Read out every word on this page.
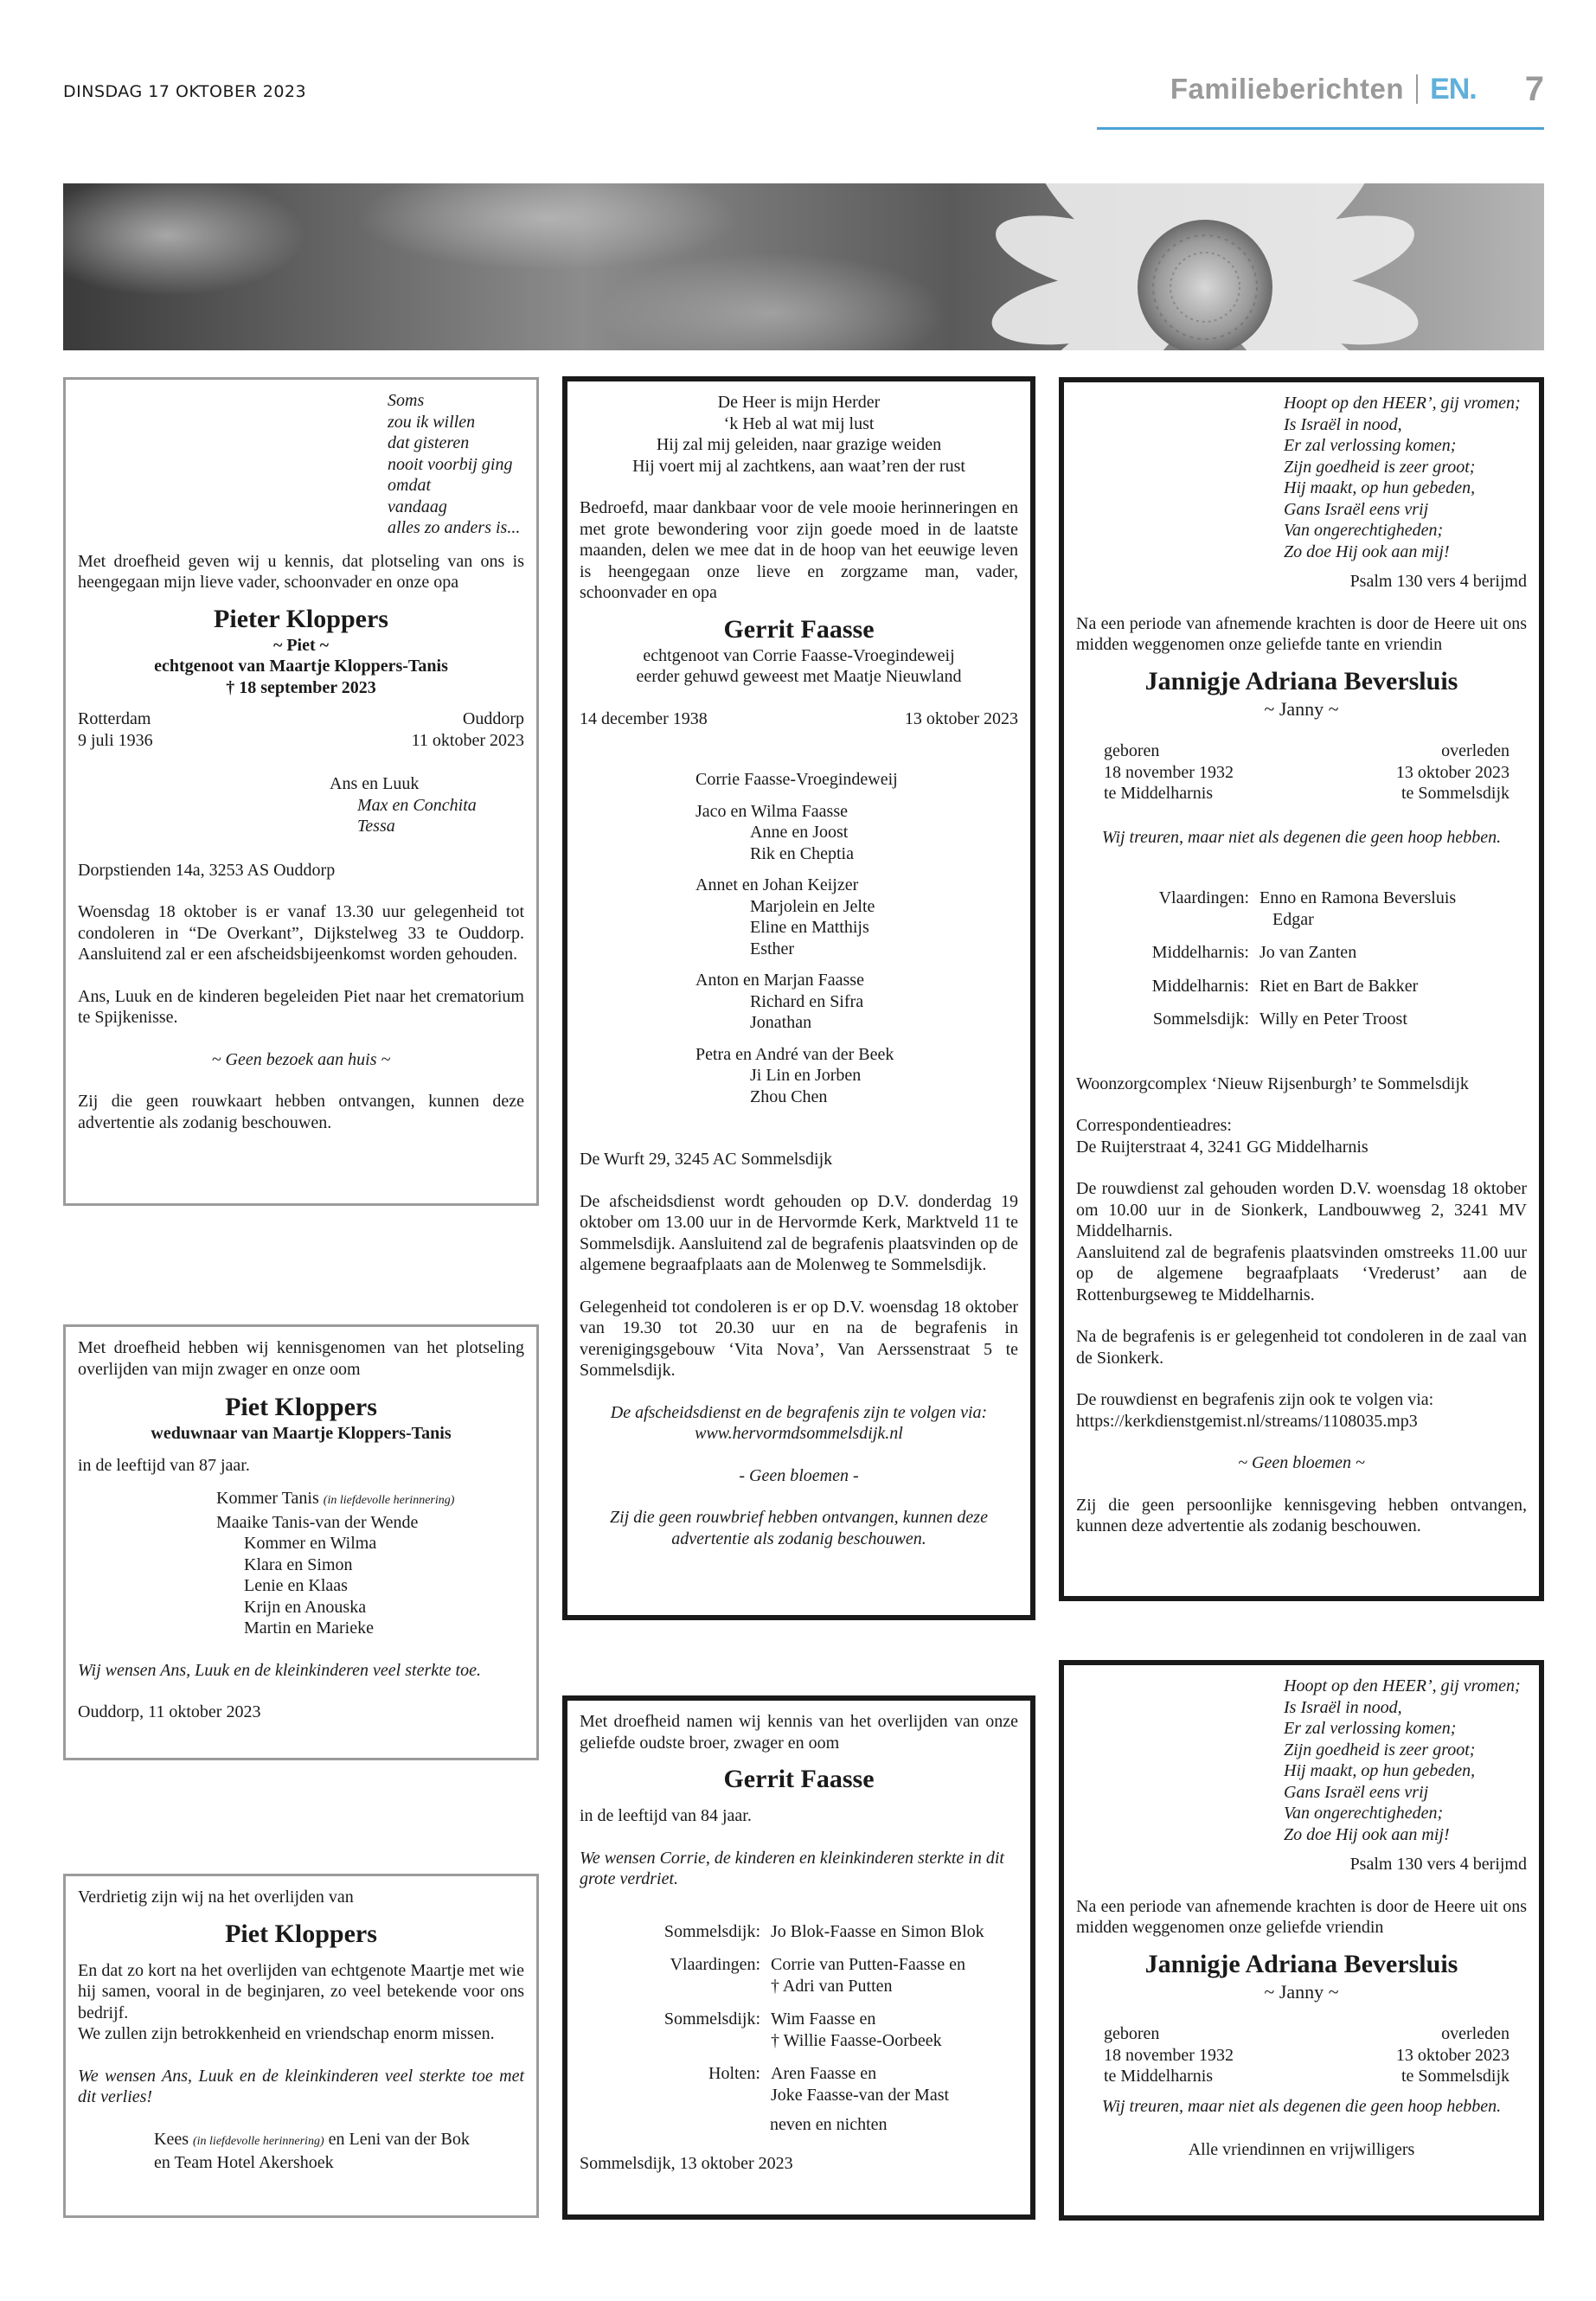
DINSDAG 17 OKTOBER 2023	Familieberichten EN. 7
Soms
zou ik willen
dat gisteren
nooit voorbij ging
omdat
vandaag
alles zo anders is...

Met droefheid geven wij u kennis, dat plotseling van ons is heengegaan mijn lieve vader, schoonvader en onze opa

Pieter Kloppers
~ Piet ~
echtgenoot van Maartje Kloppers-Tanis
† 18 september 2023
Rotterdam
9 juli 1936
Ouddorp
11 oktober 2023
Ans en Luuk
Max en Conchita
Tessa

Dorpstienden 14a, 3253 AS Ouddorp

Woensdag 18 oktober is er vanaf 13.30 uur gelegenheid tot condoleren in “De Overkant”, Dijkstelweg 33 te Ouddorp. Aansluitend zal er een afscheidsbijeenkomst worden gehouden.

Ans, Luuk en de kinderen begeleiden Piet naar het crematorium te Spijkenisse.

~ Geen bezoek aan huis ~

Zij die geen rouwkaart hebben ontvangen, kunnen deze advertentie als zodanig beschouwen.

Met droefheid hebben wij kennisgenomen van het plotseling overlijden van mijn zwager en onze oom

Piet Kloppers
weduwnaar van Maartje Kloppers-Tanis

in de leeftijd van 87 jaar.

Kommer Tanis (in liefdevolle herinnering)
Maaike Tanis-van der Wende
Kommer en Wilma
Klara en Simon
Lenie en Klaas
Krijn en Anouska
Martin en Marieke

Wij wensen Ans, Luuk en de kleinkinderen veel sterkte toe.

Ouddorp, 11 oktober 2023

Verdrietig zijn wij na het overlijden van

Piet Kloppers

En dat zo kort na het overlijden van echtgenote Maartje met wie hij samen, vooral in de beginjaren, zo veel betekende voor ons bedrijf.

We zullen zijn betrokkenheid en vriendschap enorm missen.

We wensen Ans, Luuk en de kleinkinderen veel sterkte toe met dit verlies!

Kees (in liefdevolle herinnering) en Leni van der Bok
en Team Hotel Akershoek
De Heer is mijn Herder
‘k Heb al wat mij lust
Hij zal mij geleiden, naar grazige weiden
Hij voert mij al zachtkens, aan waat’ren der rust

Bedroefd, maar dankbaar voor de vele mooie herinneringen en met grote bewondering voor zijn goede moed in de laatste maanden, delen we mee dat in de hoop van het eeuwige leven is heengegaan onze lieve en zorgzame man, vader, schoonvader en opa

Gerrit Faasse
echtgenoot van Corrie Faasse-Vroegindeweij
eerder gehuwd geweest met Maatje Nieuwland
14 december 1938	13 oktober 2023
Corrie Faasse-Vroegindeweij
Jaco en Wilma Faasse
Anne en Joost
Rik en Cheptia
Annet en Johan Keijzer
Marjolein en Jelte
Eline en Matthijs
Esther
Anton en Marjan Faasse
Richard en Sifra
Jonathan
Petra en André van der Beek
Ji Lin en Jorben
Zhou Chen

De Wurft 29, 3245 AC Sommelsdijk

De afscheidsdienst wordt gehouden op D.V. donderdag 19 oktober om 13.00 uur in de Hervormde Kerk, Marktveld 11 te Sommelsdijk. Aansluitend zal de begrafenis plaatsvinden op de algemene begraafplaats aan de Molenweg te Sommelsdijk.

Gelegenheid tot condoleren is er op D.V. woensdag 18 oktober van 19.30 tot 20.30 uur en na de begrafenis in verenigingsgebouw ‘Vita Nova’, Van Aerssenstraat 5 te Sommelsdijk.

De afscheidsdienst en de begrafenis zijn te volgen via:
www.hervormdsommelsdijk.nl

- Geen bloemen -

Zij die geen rouwbrief hebben ontvangen, kunnen deze advertentie als zodanig beschouwen.

Met droefheid namen wij kennis van het overlijden van onze geliefde oudste broer, zwager en oom

Gerrit Faasse

in de leeftijd van 84 jaar.

We wensen Corrie, de kinderen en kleinkinderen sterkte in dit grote verdriet.

Sommelsdijk: Jo Blok-Faasse en Simon Blok
Vlaardingen: Corrie van Putten-Faasse en
† Adri van Putten
Sommelsdijk: Wim Faasse en
† Willie Faasse-Oorbeek
Holten: Aren Faasse en
Joke Faasse-van der Mast
neven en nichten

Sommelsdijk, 13 oktober 2023

Hoopt op den HEER’, gij vromen;
Is Israël in nood,
Er zal verlossing komen;
Zijn goedheid is zeer groot;
Hij maakt, op hun gebeden,
Gans Israël eens vrij
Van ongerechtigheden;
Zo doe Hij ook aan mij!

Psalm 130 vers 4 berijmd

Na een periode van afnemende krachten is door de Heere uit ons midden weggenomen onze geliefde tante en vriendin

Jannigje Adriana Beversluis
~ Janny ~
geboren
18 november 1932
te Middelharnis
overleden
13 oktober 2023
te Sommelsdijk

Wij treuren, maar niet als degenen die geen hoop hebben.

Vlaardingen: Enno en Ramona Beversluis
Edgar
Middelharnis: Jo van Zanten
Middelharnis: Riet en Bart de Bakker
Sommelsdijk: Willy en Peter Troost

Woonzorgcomplex ‘Nieuw Rijsenburgh’ te Sommelsdijk

Correspondentieadres:

De Ruijterstraat 4, 3241 GG Middelharnis

De rouwdienst zal gehouden worden D.V. woensdag 18 oktober om 10.00 uur in de Sionkerk, Landbouwweg 2, 3241 MV Middelharnis.

Aansluitend zal de begrafenis plaatsvinden omstreeks 11.00 uur op de algemene begraafplaats ‘Vrederust’ aan de Rottenburgseweg te Middelharnis.

Na de begrafenis is er gelegenheid tot condoleren in de zaal van de Sionkerk.

De rouwdienst en begrafenis zijn ook te volgen via:

https://kerkdienstgemist.nl/streams/1108035.mp3

~ Geen bloemen ~

Zij die geen persoonlijke kennisgeving hebben ontvangen, kunnen deze advertentie als zodanig beschouwen.

Hoopt op den HEER’, gij vromen;
Is Israël in nood,
Er zal verlossing komen;
Zijn goedheid is zeer groot;
Hij maakt, op hun gebeden,
Gans Israël eens vrij
Van ongerechtigheden;
Zo doe Hij ook aan mij!

Psalm 130 vers 4 berijmd

Na een periode van afnemende krachten is door de Heere uit ons midden weggenomen onze geliefde vriendin

Jannigje Adriana Beversluis
~ Janny ~
geboren
18 november 1932
te Middelharnis
overleden
13 oktober 2023
te Sommelsdijk

Wij treuren, maar niet als degenen die geen hoop hebben.

Alle vriendinnen en vrijwilligers
